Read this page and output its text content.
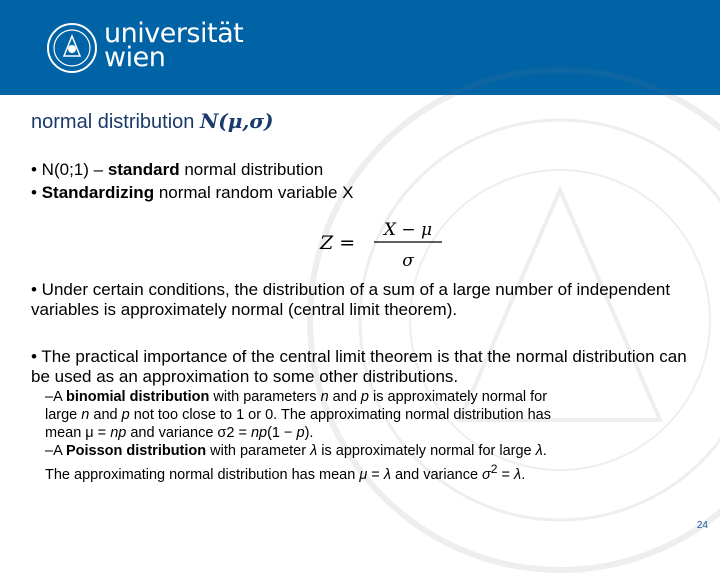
universität
wien
normal distribution N(μ,σ)
• N(0;1) – standard normal distribution
• Standardizing normal random variable X
Z =
X − μ
σ
• Under certain conditions, the distribution of a sum of a large number of independent variables is approximately normal (central limit theorem).
• The practical importance of the central limit theorem is that the normal distribution can be used as an approximation to some other distributions.
–A binomial distribution with parameters n and p is approximately normal for
large n and p not too close to 1 or 0. The approximating normal distribution has
mean μ = np and variance σ2 = np(1 − p).
–A Poisson distribution with parameter λ is approximately normal for large λ.
The approximating normal distribution has mean μ = λ and variance $\sigma^2 = \lambda$.
24
